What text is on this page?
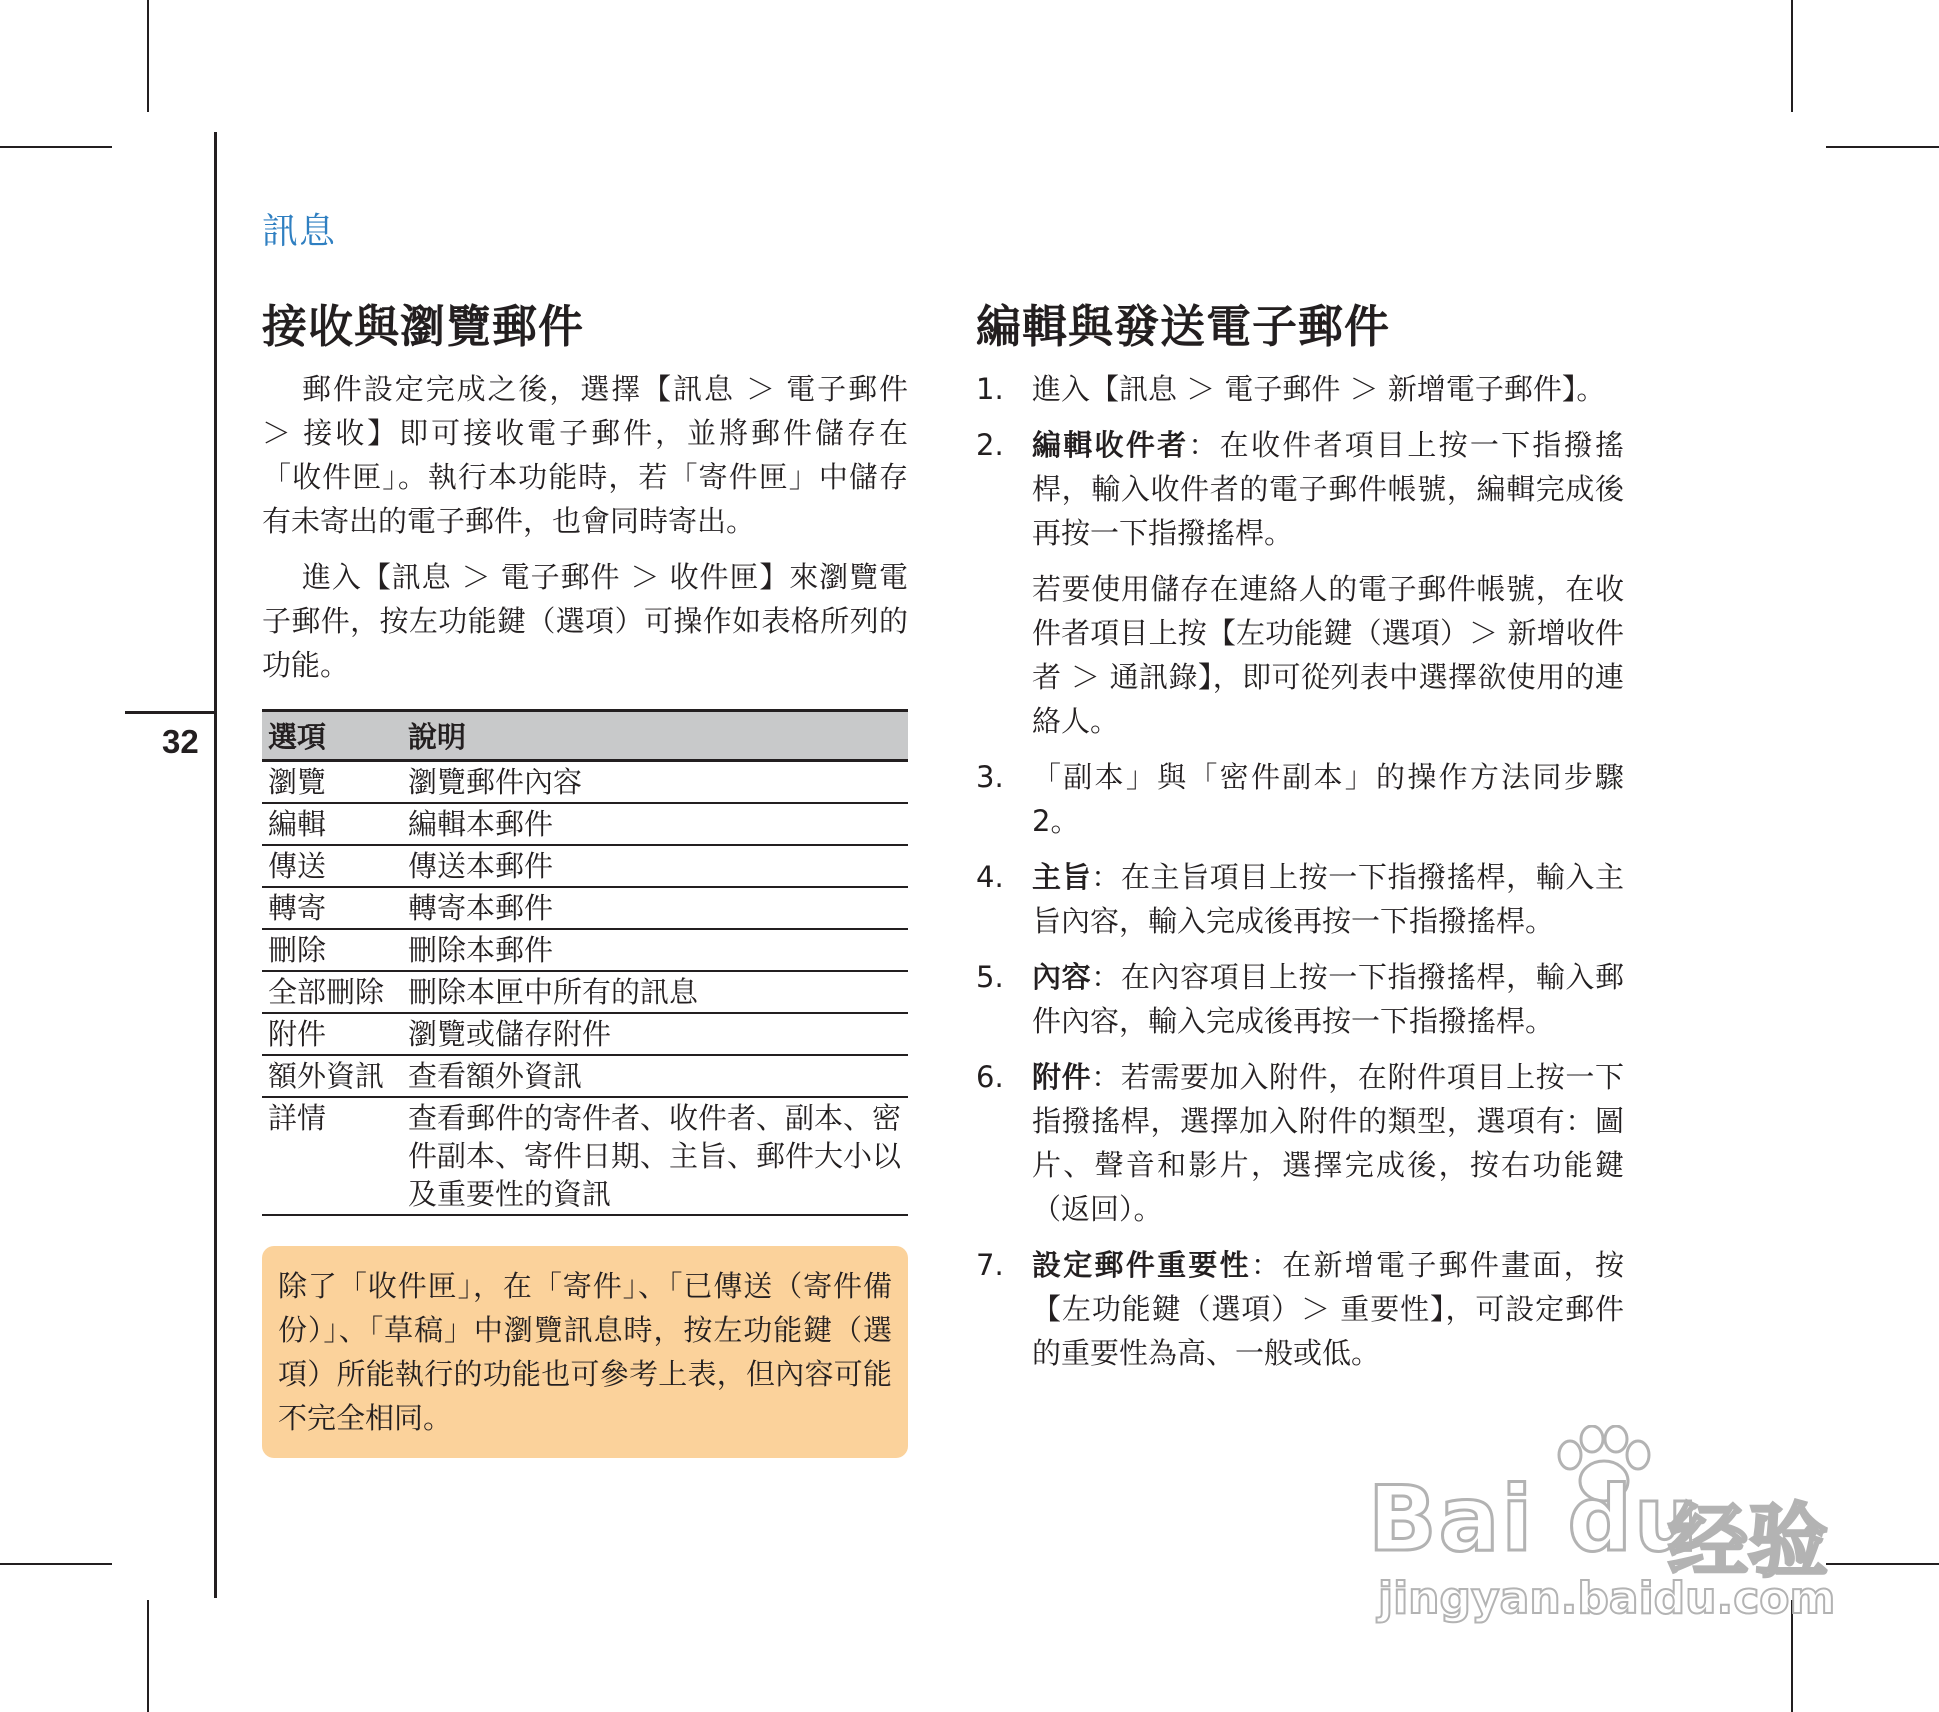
32
訊息
接收與瀏覽郵件

郵件設定完成之後，選擇【訊息 ＞ 電子郵件 ＞ 接收】即可接收電子郵件，並將郵件儲存在「收件匣」。執行本功能時，若「寄件匣」中儲存有未寄出的電子郵件，也會同時寄出。

進入【訊息 ＞ 電子郵件 ＞ 收件匣】來瀏覽電子郵件，按左功能鍵（選項）可操作如表格所列的功能。

選項	說明
瀏覽	瀏覽郵件內容
編輯	編輯本郵件
傳送	傳送本郵件
轉寄	轉寄本郵件
刪除	刪除本郵件
全部刪除	刪除本匣中所有的訊息
附件	瀏覽或儲存附件
額外資訊	查看額外資訊
詳情	查看郵件的寄件者、收件者、副本、密件副本、寄件日期、主旨、郵件大小以及重要性的資訊
除了「收件匣」，在「寄件」、「已傳送（寄件備份）」、「草稿」中瀏覽訊息時，按左功能鍵（選項）所能執行的功能也可參考上表，但內容可能不完全相同。
編輯與發送電子郵件
1. 進入【訊息 ＞ 電子郵件 ＞ 新增電子郵件】。
2. 編輯收件者：在收件者項目上按一下指撥搖桿，輸入收件者的電子郵件帳號，編輯完成後再按一下指撥搖桿。
若要使用儲存在連絡人的電子郵件帳號，在收件者項目上按【左功能鍵（選項）＞ 新增收件者 ＞ 通訊錄】，即可從列表中選擇欲使用的連絡人。
3. 「副本」與「密件副本」的操作方法同步驟2。
4. 主旨：在主旨項目上按一下指撥搖桿，輸入主旨內容，輸入完成後再按一下指撥搖桿。
5. 內容：在內容項目上按一下指撥搖桿，輸入郵件內容，輸入完成後再按一下指撥搖桿。
6. 附件：若需要加入附件，在附件項目上按一下指撥搖桿，選擇加入附件的類型，選項有：圖片、聲音和影片，選擇完成後，按右功能鍵（返回）。
7. 設定郵件重要性：在新增電子郵件畫面，按【左功能鍵（選項）＞ 重要性】，可設定郵件的重要性為高、一般或低。
Bai du
经验
jingyan.baidu.com
